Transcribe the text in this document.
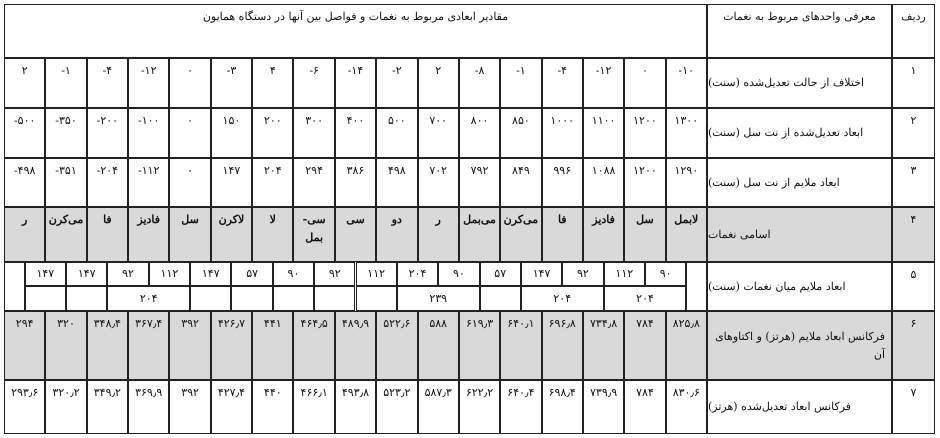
ردیف
معرفی واحدهای مربوط به نغمات
مقادیر ابعادی مربوط به نغمات و فواصل بین آنها در دستگاه همایون
۱
اختلاف از حالت تعدیل‌شده (سنت)
-۱۰
۰
-۱۲
-۴
-۱
-۸
۲
-۲
-۱۴
-۶
۴
-۳
۰
-۱۲
-۴
-۱
۲
۲
ابعاد تعدیل‌شده از نت سل (سنت)
۱۳۰۰
۱۲۰۰
۱۱۰۰
۱۰۰۰
۸۵۰
۸۰۰
۷۰۰
۵۰۰
۴۰۰
۳۰۰
۲۰۰
۱۵۰
۰
-۱۰۰
-۲۰۰
-۳۵۰
-۵۰۰
۳
ابعاد ملایم از نت سل (سنت)
۱۲۹۰
۱۲۰۰
۱۰۸۸
۹۹۶
۸۴۹
۷۹۲
۷۰۲
۴۹۸
۳۸۶
۲۹۴
۲۰۴
۱۴۷
۰
-۱۱۲
-۲۰۴
-۳۵۱
-۴۹۸
۴
اسامی نغمات
لابمل
سل
فادیز
فا
می‌کرن
می‌بمل
ر
دو
سی
سی-بمل
لا
لاکرن
سل
فادیز
فا
می‌کرن
ر
۵
ابعاد ملایم میان نغمات (سنت)
۹۰
۱۱۲
۹۲
۱۴۷
۵۷
۹۰
۲۰۴
۱۱۲
۹۲
۹۰
۵۷
۱۴۷
۱۱۲
۹۲
۱۴۷
۱۴۷
۲۰۴
۲۰۴
۲۳۹
۲۰۴
۶
فرکانس ابعاد ملایم (هرتز) و اکتاوهای آن
۸۲۵٫۸
۷۸۴
۷۳۴٫۸
۶۹۶٫۸
۶۴۰٫۱
۶۱۹٫۳
۵۸۸
۵۲۲٫۶
۴۸۹٫۹
۴۶۴٫۵
۴۴۱
۴۲۶٫۷
۳۹۲
۳۶۷٫۴
۳۴۸٫۴
۳۲۰
۲۹۴
۷
فرکانس ابعاد تعدیل‌شده (هرتز)
۸۳۰٫۶
۷۸۴
۷۳۹٫۹
۶۹۸٫۴
۶۴۰٫۴
۶۲۲٫۲
۵۸۷٫۳
۵۲۳٫۲
۴۹۳٫۸
۴۶۶٫۱
۴۴۰
۴۲۷٫۴
۳۹۲
۳۶۹٫۹
۳۴۹٫۲
۳۲۰٫۲
۲۹۳٫۶
